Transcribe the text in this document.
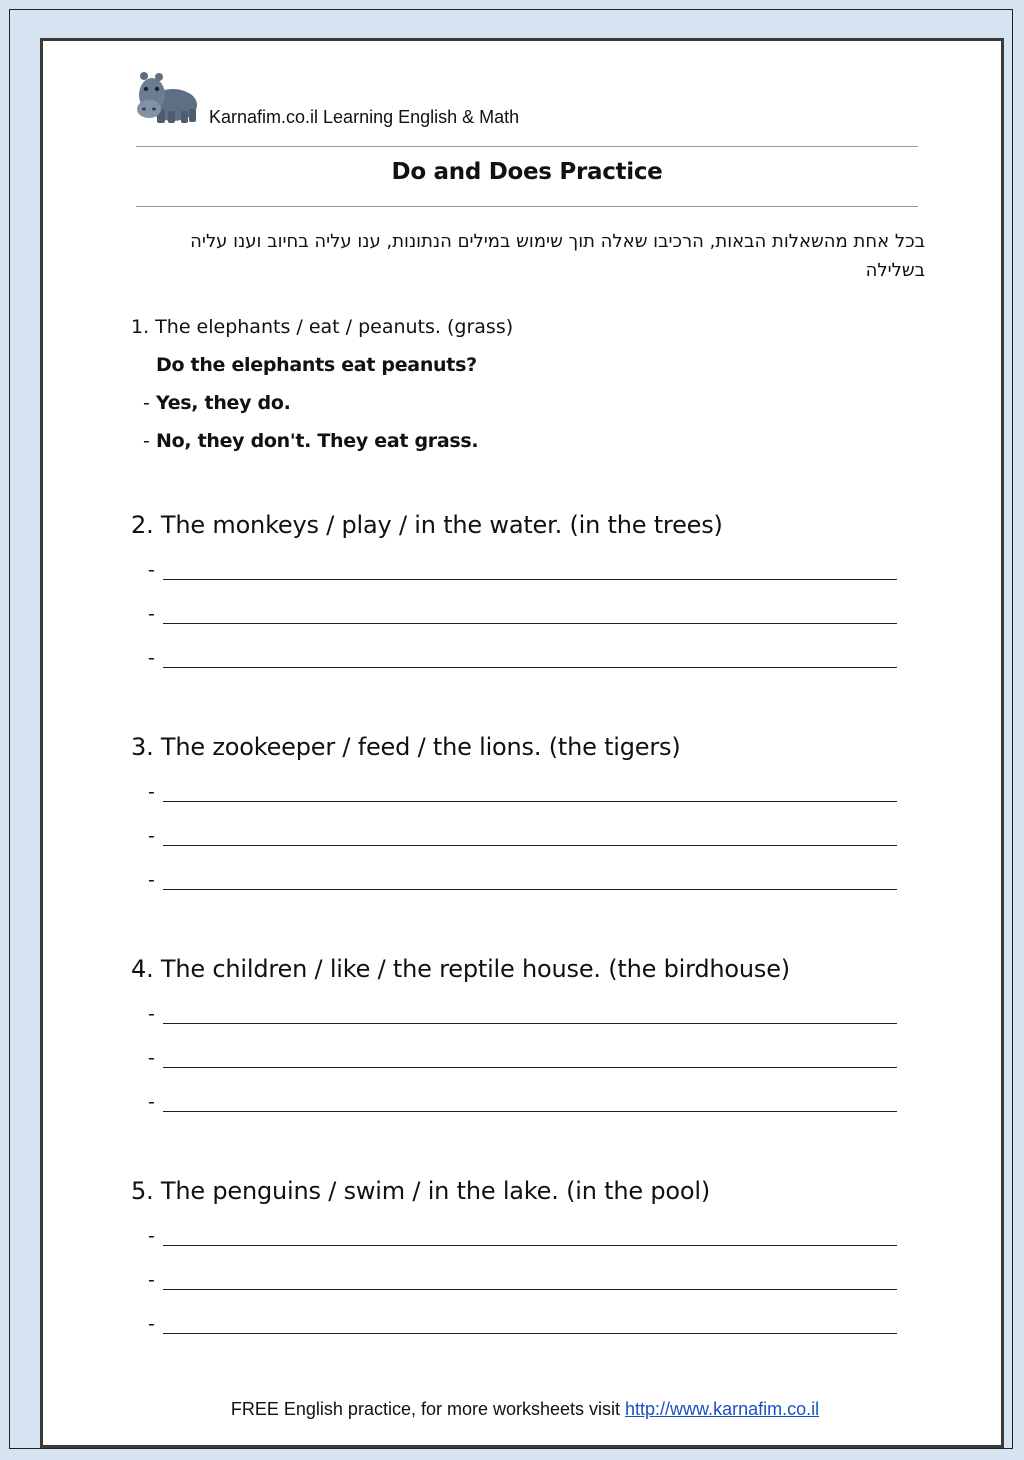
Karnafim.co.il Learning English & Math
Do and Does Practice
בכל אחת מהשאלות הבאות, הרכיבו שאלה תוך שימוש במילים הנתונות, ענו עליה בחיוב וענו עליה בשלילה
1. The elephants / eat / peanuts. (grass)
Do the elephants eat peanuts?
- Yes, they do.
- No, they don't. They eat grass.
2. The monkeys / play / in the water. (in the trees)
-
-
-
3. The zookeeper / feed / the lions. (the tigers)
-
-
-
4. The children / like / the reptile house. (the birdhouse)
-
-
-
5. The penguins / swim / in the lake. (in the pool)
-
-
-
FREE English practice, for more worksheets visit http://www.karnafim.co.il
